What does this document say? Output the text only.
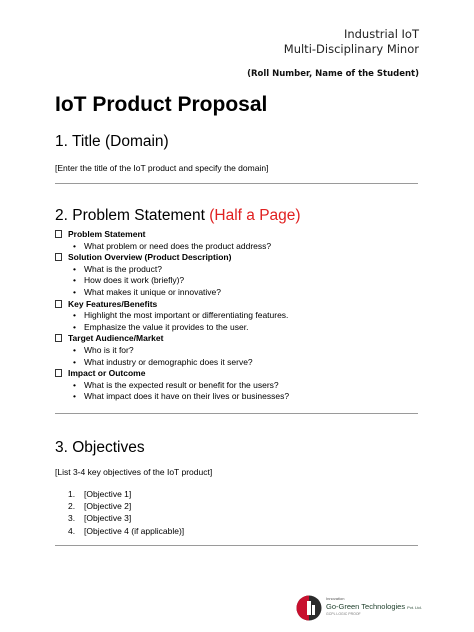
Industrial IoT
Multi-Disciplinary Minor
(Roll Number, Name of the Student)
IoT Product Proposal
1. Title (Domain)
[Enter the title of the IoT product and specify the domain]
2. Problem Statement (Half a Page)
Problem Statement
• What problem or need does the product address?
Solution Overview (Product Description)
• What is the product?
• How does it work (briefly)?
• What makes it unique or innovative?
Key Features/Benefits
• Highlight the most important or differentiating features.
• Emphasize the value it provides to the user.
Target Audience/Market
• Who is it for?
• What industry or demographic does it serve?
Impact or Outcome
• What is the expected result or benefit for the users?
• What impact does it have on their lives or businesses?
3. Objectives
[List 3-4 key objectives of the IoT product]
1. [Objective 1]
2. [Objective 2]
3. [Objective 3]
4. [Objective 4 (if applicable)]
Innovation
Go-Green Technologies Pvt. Ltd.
GCPL LOGIC PROOF
